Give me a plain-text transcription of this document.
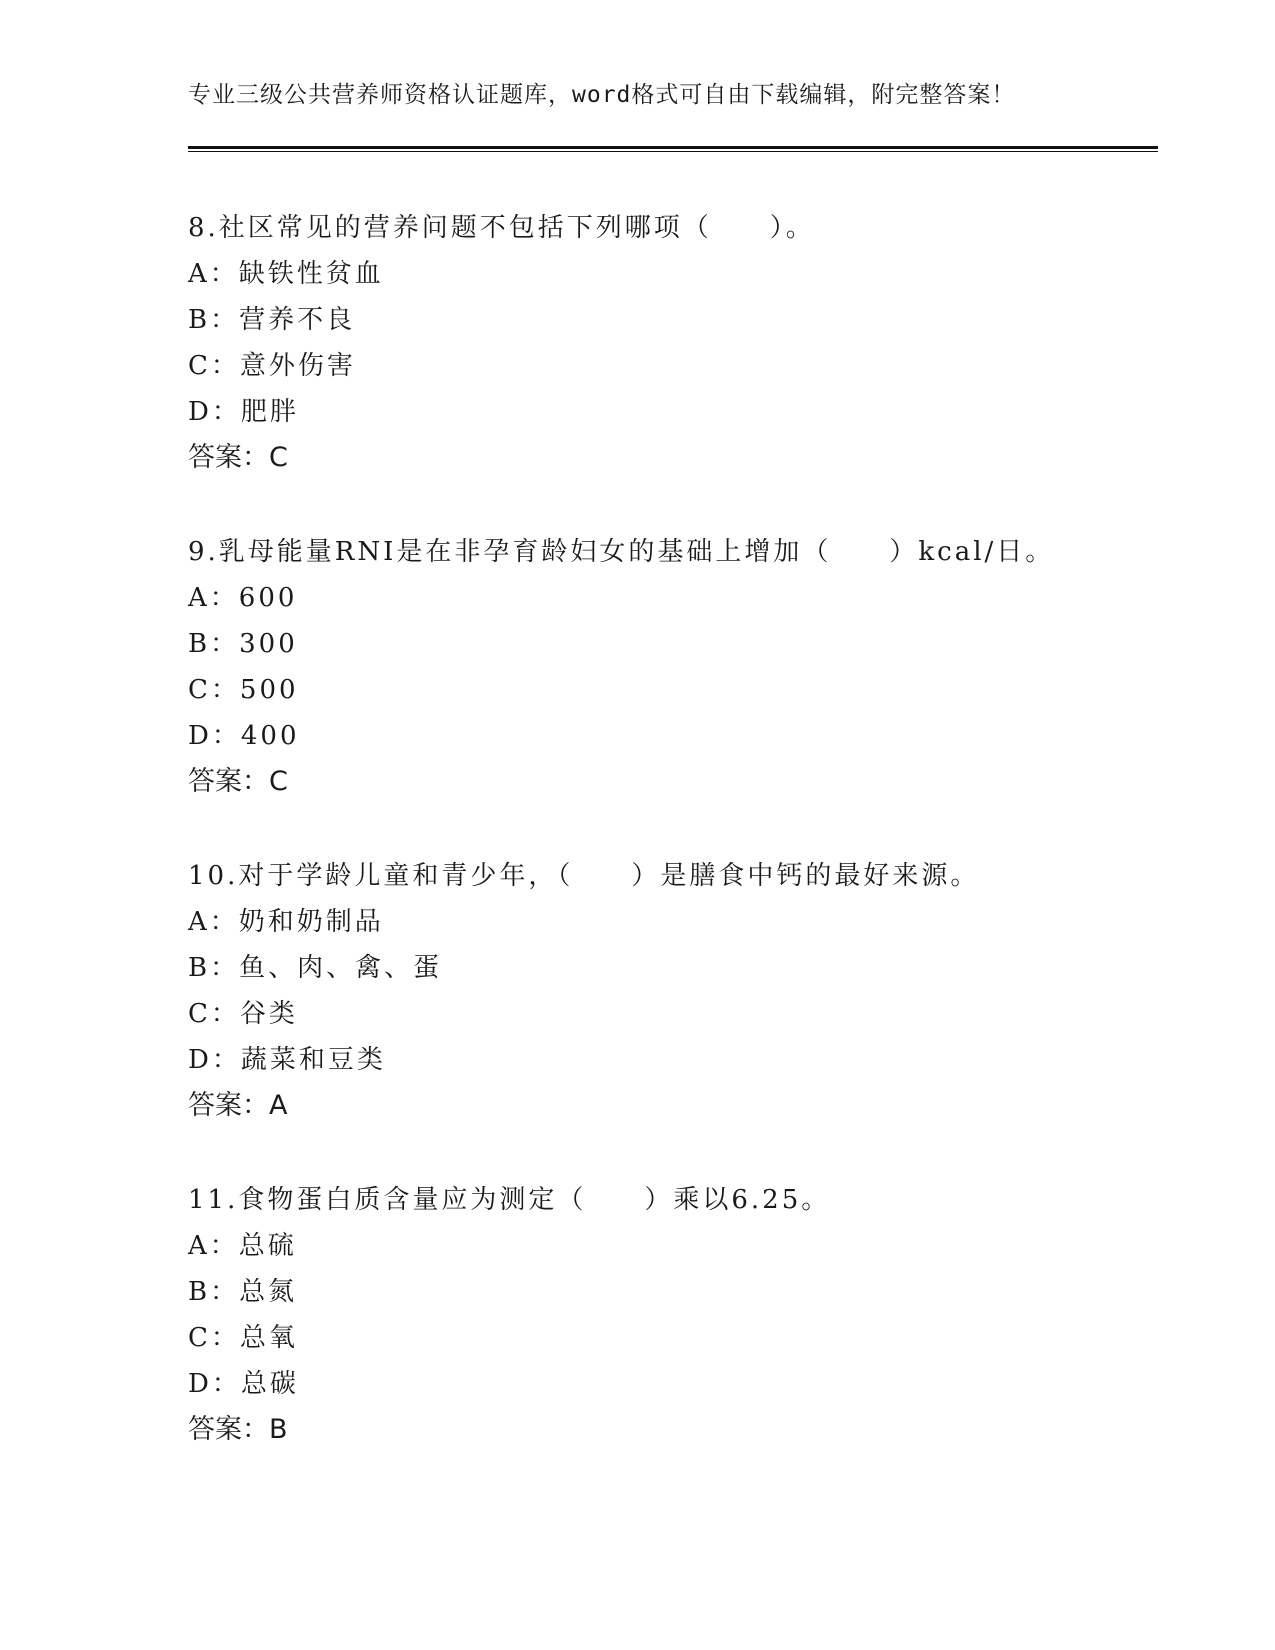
专业三级公共营养师资格认证题库，word格式可自由下载编辑，附完整答案！
8.社区常见的营养问题不包括下列哪项（　　）。
A：缺铁性贫血
B：营养不良
C：意外伤害
D：肥胖
答案：C
9.乳母能量RNI是在非孕育龄妇女的基础上增加（　　）kcal/日。
A：600
B：300
C：500
D：400
答案：C
10.对于学龄儿童和青少年，（　　）是膳食中钙的最好来源。
A：奶和奶制品
B：鱼、肉、禽、蛋
C：谷类
D：蔬菜和豆类
答案：A
11.食物蛋白质含量应为测定（　　）乘以6.25。
A：总硫
B：总氮
C：总氧
D：总碳
答案：B
